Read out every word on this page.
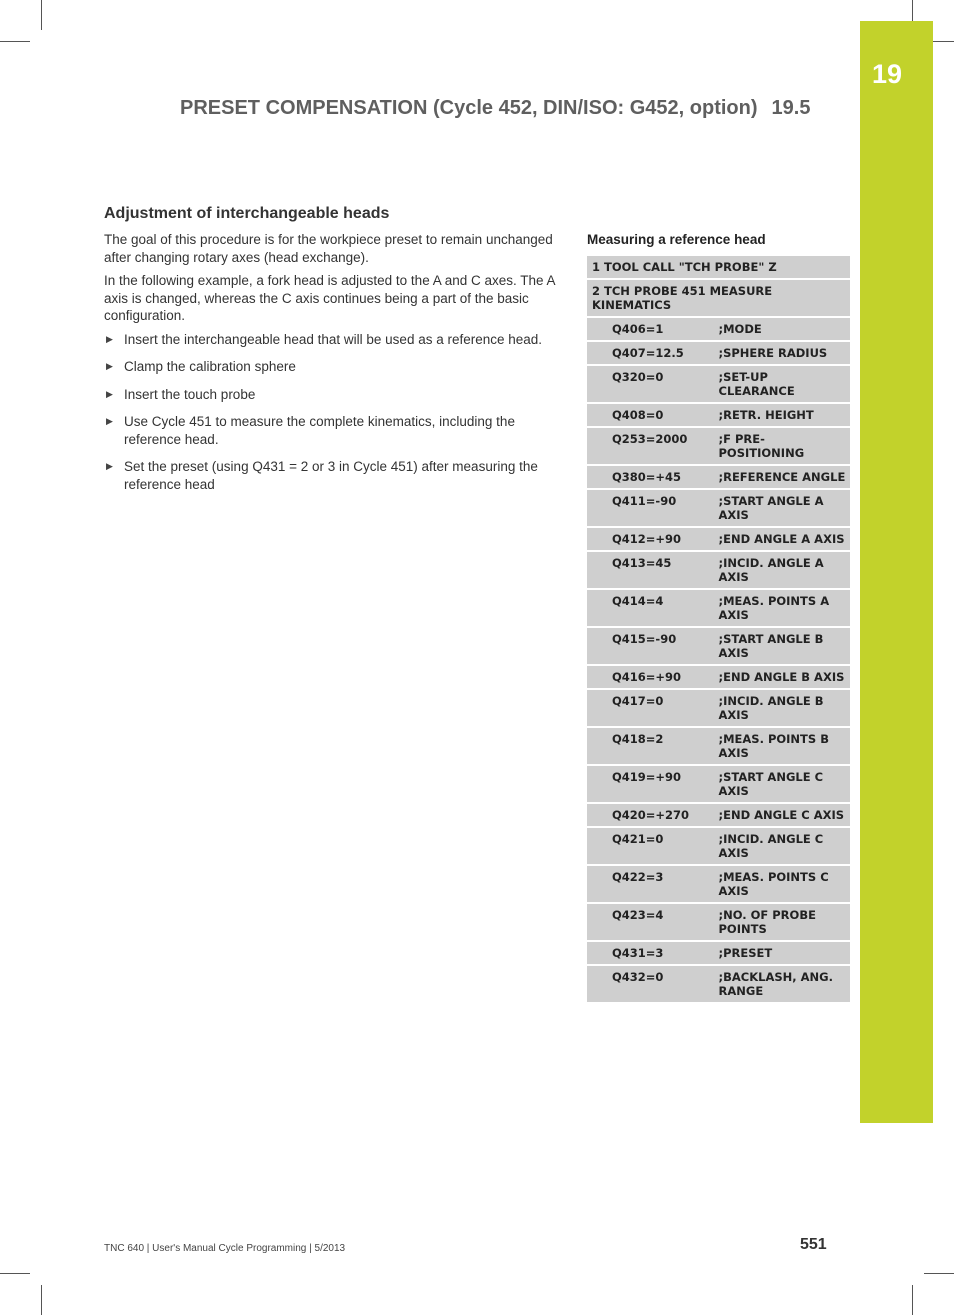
19
PRESET COMPENSATION (Cycle 452, DIN/ISO: G452, option) 19.5
Adjustment of interchangeable heads

The goal of this procedure is for the workpiece preset to remain unchanged after changing rotary axes (head exchange).

In the following example, a fork head is adjusted to the A and C axes. The A axis is changed, whereas the C axis continues being a part of the basic configuration.

▶ Insert the interchangeable head that will be used as a reference head.
▶ Clamp the calibration sphere
▶ Insert the touch probe
▶ Use Cycle 451 to measure the complete kinematics, including the reference head.
▶ Set the preset (using Q431 = 2 or 3 in Cycle 451) after measuring the reference head
Measuring a reference head
1 TOOL CALL "TCH PROBE" Z	
2 TCH PROBE 451 MEASURE KINEMATICS	
Q406=1	;MODE
Q407=12.5	;SPHERE RADIUS
Q320=0	;SET-UP CLEARANCE
Q408=0	;RETR. HEIGHT
Q253=2000	;F PRE-POSITIONING
Q380=+45	;REFERENCE ANGLE
Q411=-90	;START ANGLE A AXIS
Q412=+90	;END ANGLE A AXIS
Q413=45	;INCID. ANGLE A AXIS
Q414=4	;MEAS. POINTS A AXIS
Q415=-90	;START ANGLE B AXIS
Q416=+90	;END ANGLE B AXIS
Q417=0	;INCID. ANGLE B AXIS
Q418=2	;MEAS. POINTS B AXIS
Q419=+90	;START ANGLE C AXIS
Q420=+270	;END ANGLE C AXIS
Q421=0	;INCID. ANGLE C AXIS
Q422=3	;MEAS. POINTS C AXIS
Q423=4	;NO. OF PROBE POINTS
Q431=3	;PRESET
Q432=0	;BACKLASH, ANG. RANGE
TNC 640 | User's Manual Cycle Programming | 5/2013	551
